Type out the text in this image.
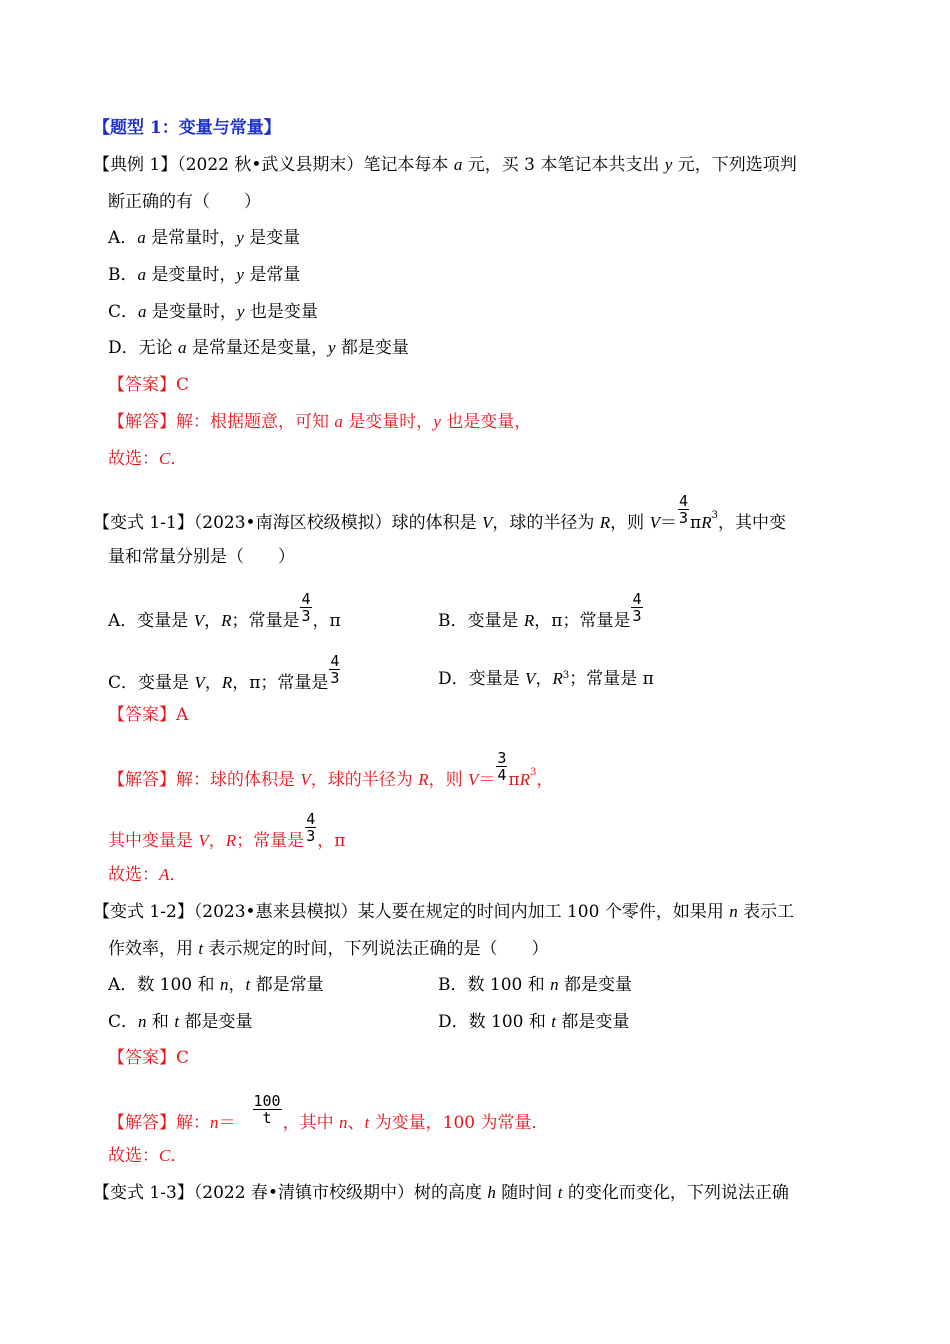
【题型 1：变量与常量】
【典例 1】（2022 秋•武义县期末）笔记本每本 a 元，买 3 本笔记本共支出 y 元，下列选项判
断正确的有（　　）
A．a 是常量时，y 是变量
B．a 是变量时，y 是常量
C．a 是变量时，y 也是变量
D．无论 a 是常量还是变量，y 都是变量
【答案】C
【解答】解：根据题意，可知 a 是变量时，y 也是变量，
故选：C．
【变式 1-1】（2023•南海区校级模拟）球的体积是 V，球的半径为 R，则 $V= \frac{4}{3} \pi R^3$，其中变
量和常量分别是（　　）
A．变量是 V，R；常量是 $\frac{4}{3}$ ，π	B．变量是 R，π；常量是 $\frac{4}{3}$
C．变量是 V，R，π；常量是 $\frac{4}{3}$	D．变量是 V，$R^3$；常量是 π
【答案】A
【解答】解：球的体积是 V，球的半径为 R，则 $V= \frac{3}{4} \pi R^3$，
其中变量是 V，R；常量是 $\frac{4}{3}$ ，π
故选：A．
【变式 1-2】（2023•惠来县模拟）某人要在规定的时间内加工 100 个零件，如果用 n 表示工
作效率，用 t 表示规定的时间，下列说法正确的是（　　）
A．数 100 和 n，t 都是常量	B．数 100 和 n 都是变量
C．n 和 t 都是变量	D．数 100 和 t 都是变量
【答案】C
【解答】解：$n= \frac{100}{t}$ ，其中 n、t 为变量，100 为常量．
故选：C．
【变式 1-3】（2022 春•清镇市校级期中）树的高度 h 随时间 t 的变化而变化，下列说法正确
